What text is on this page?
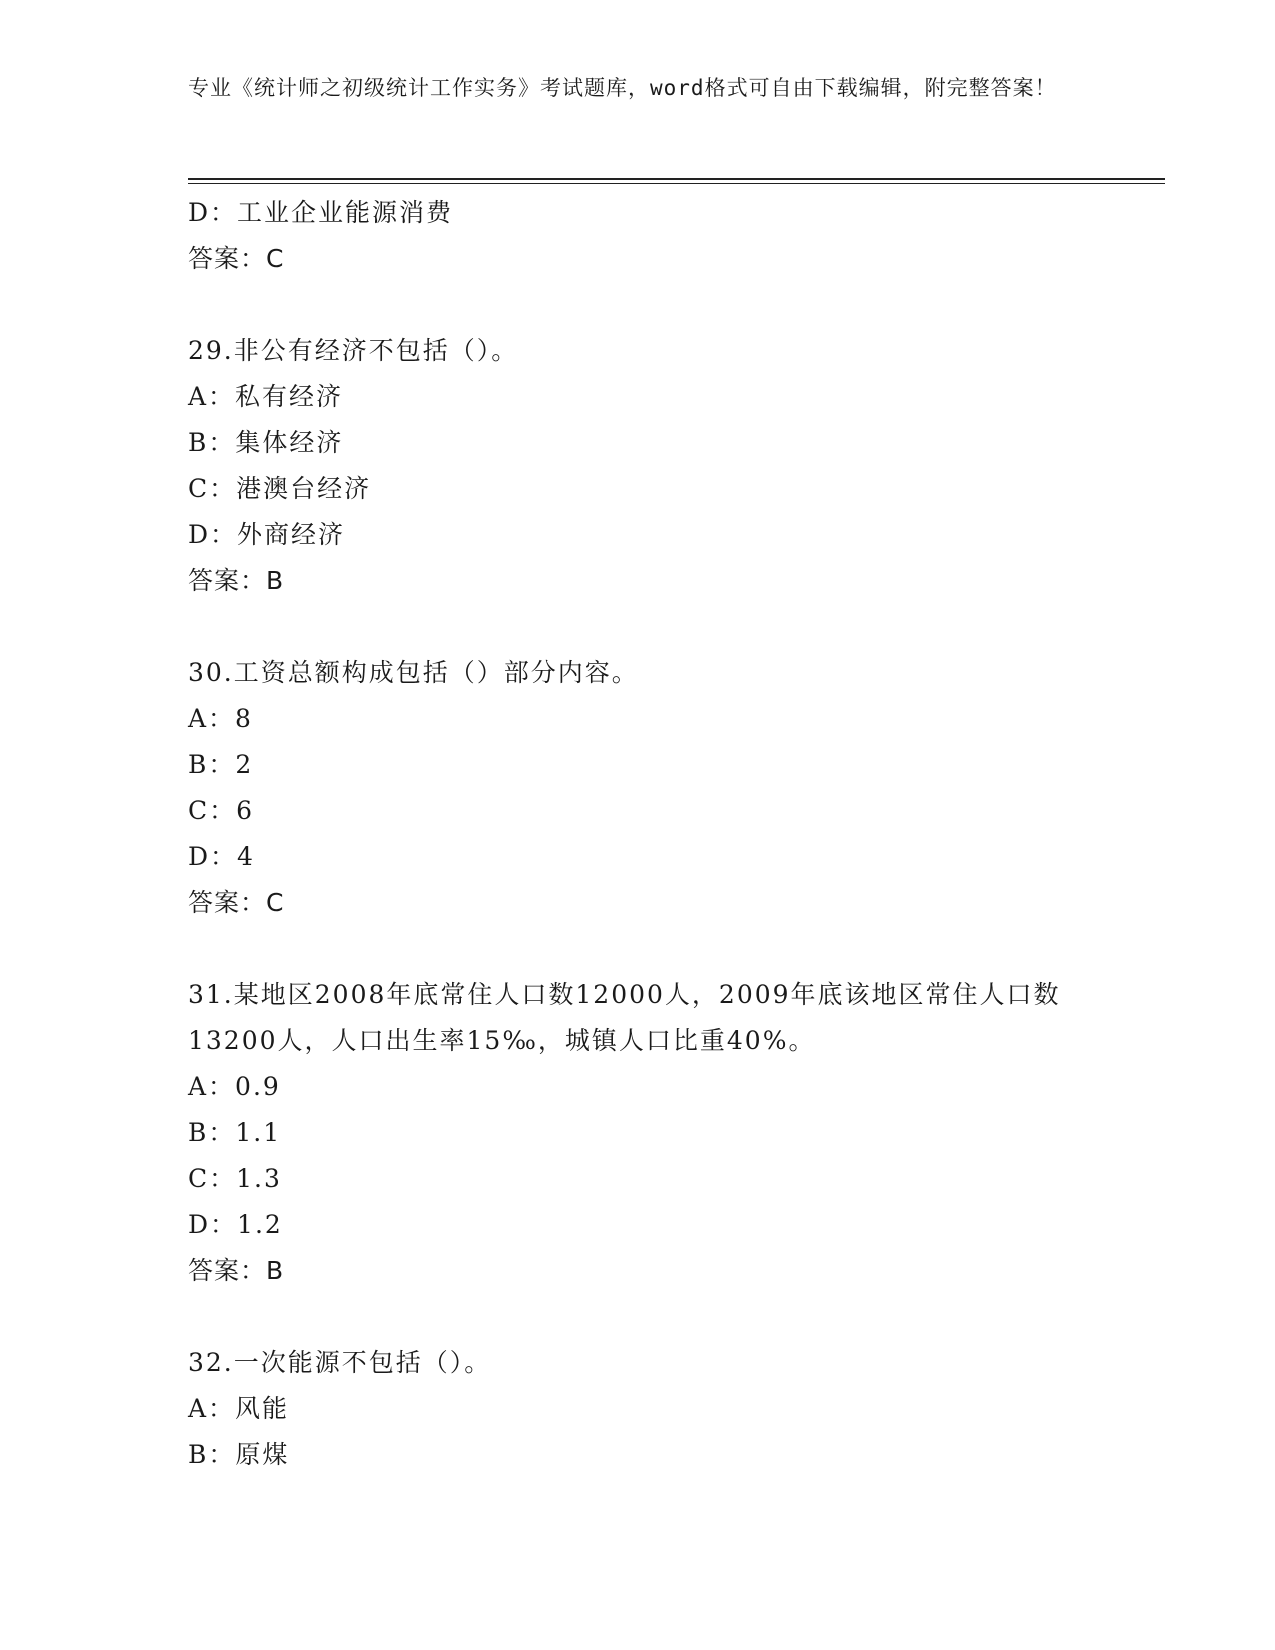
专业《统计师之初级统计工作实务》考试题库，word格式可自由下载编辑，附完整答案！
D：工业企业能源消费
答案：C
29.非公有经济不包括（）。
A：私有经济
B：集体经济
C：港澳台经济
D：外商经济
答案：B
30.工资总额构成包括（）部分内容。
A：8
B：2
C：6
D：4
答案：C
31.某地区2008年底常住人口数12000人，2009年底该地区常住人口数13200人，人口出生率15‰，城镇人口比重40%。
A：0.9
B：1.1
C：1.3
D：1.2
答案：B
32.一次能源不包括（）。
A：风能
B：原煤
